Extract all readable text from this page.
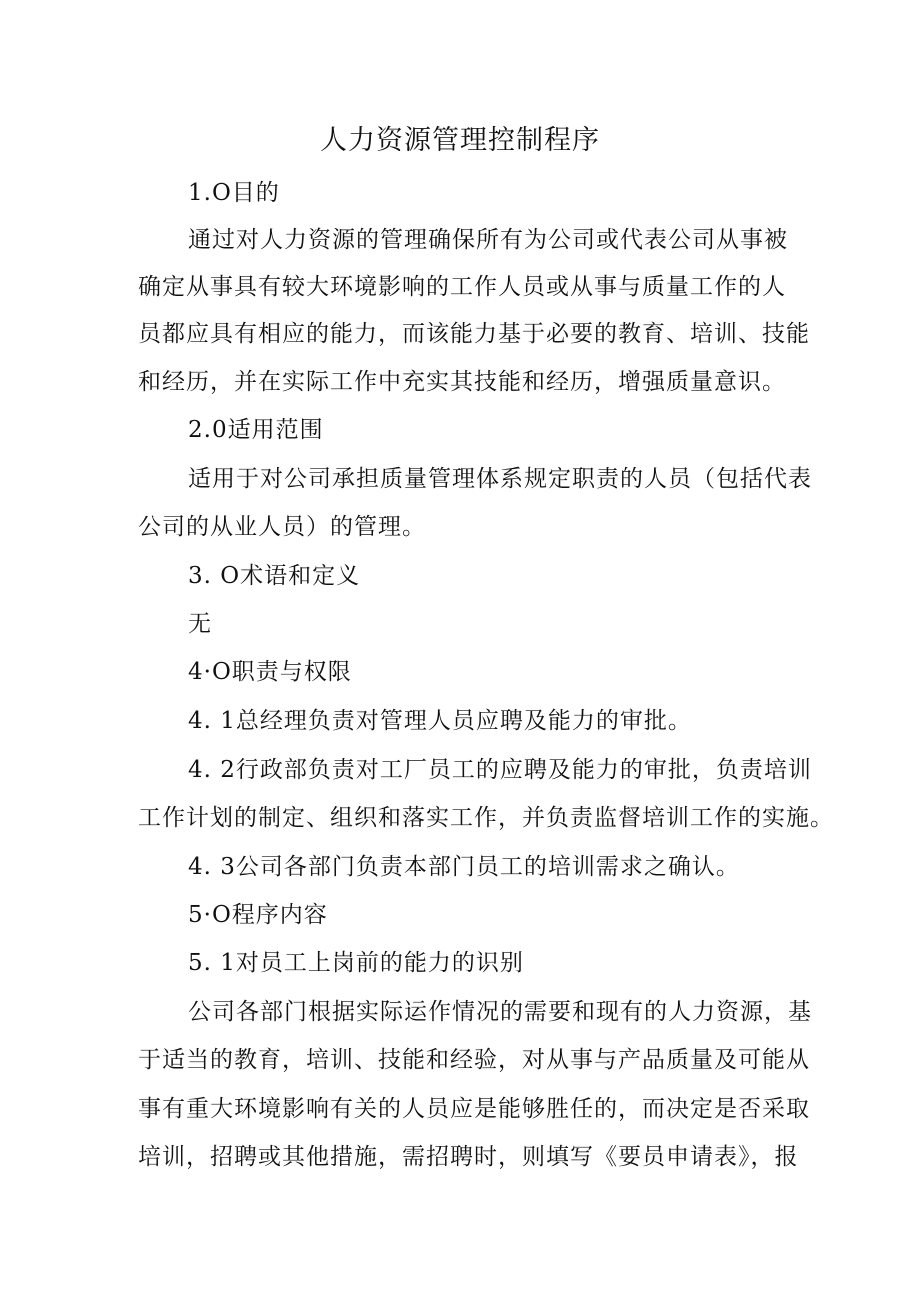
人力资源管理控制程序
1.O目的
通过对人力资源的管理确保所有为公司或代表公司从事被
确定从事具有较大环境影响的工作人员或从事与质量工作的人
员都应具有相应的能力，而该能力基于必要的教育、培训、技能
和经历，并在实际工作中充实其技能和经历，增强质量意识。
2.0适用范围
适用于对公司承担质量管理体系规定职责的人员（包括代表
公司的从业人员）的管理。
3. O术语和定义
无
4·O职责与权限
4. 1总经理负责对管理人员应聘及能力的审批。
4. 2行政部负责对工厂员工的应聘及能力的审批，负责培训
工作计划的制定、组织和落实工作，并负责监督培训工作的实施。
4. 3公司各部门负责本部门员工的培训需求之确认。
5·O程序内容
5. 1对员工上岗前的能力的识别
公司各部门根据实际运作情况的需要和现有的人力资源，基
于适当的教育，培训、技能和经验，对从事与产品质量及可能从
事有重大环境影响有关的人员应是能够胜任的，而决定是否采取
培训，招聘或其他措施，需招聘时，则填写《要员申请表》，报
